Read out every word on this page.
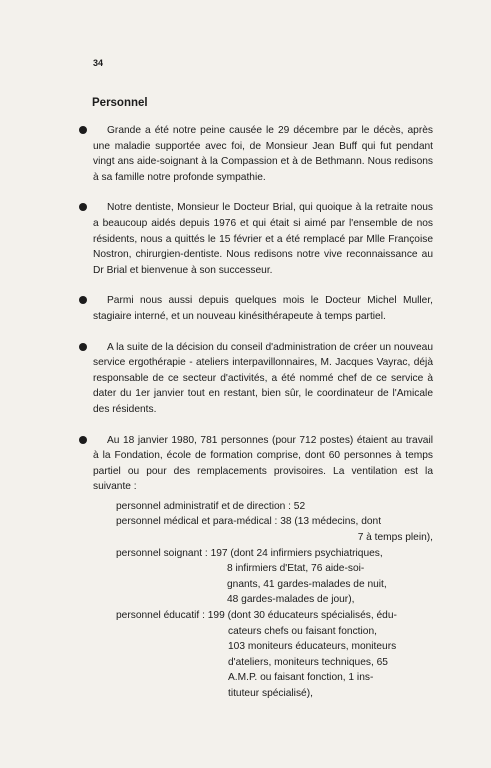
34
Personnel

Grande a été notre peine causée le 29 décembre par le décès, après une maladie supportée avec foi, de Monsieur Jean Buff qui fut pendant vingt ans aide-soignant à la Compassion et à de Bethmann. Nous redisons à sa famille notre profonde sympathie.

Notre dentiste, Monsieur le Docteur Brial, qui quoique à la retraite nous a beaucoup aidés depuis 1976 et qui était si aimé par l'ensemble de nos résidents, nous a quittés le 15 février et a été remplacé par Mlle Françoise Nostron, chirurgien-dentiste. Nous redisons notre vive reconnaissance au Dr Brial et bienvenue à son successeur.

Parmi nous aussi depuis quelques mois le Docteur Michel Muller, stagiaire interné, et un nouveau kinésithérapeute à temps partiel.

A la suite de la décision du conseil d'administration de créer un nouveau service ergothérapie - ateliers interpavillonnaires, M. Jacques Vayrac, déjà responsable de ce secteur d'activités, a été nommé chef de ce service à dater du 1er janvier tout en restant, bien sûr, le coordinateur de l'Amicale des résidents.

Au 18 janvier 1980, 781 personnes (pour 712 postes) étaient au travail à la Fondation, école de formation comprise, dont 60 personnes à temps partiel ou pour des remplacements provisoires. La ventilation est la suivante :

personnel administratif et de direction : 52
personnel médical et para-médical : 38 (13 médecins, dont
7 à temps plein),
personnel soignant : 197 (dont 24 infirmiers psychiatriques,
8 infirmiers d'Etat, 76 aide-soi-
gnants, 41 gardes-malades de nuit,
48 gardes-malades de jour),
personnel éducatif : 199 (dont 30 éducateurs spécialisés, édu-
cateurs chefs ou faisant fonction,
103 moniteurs éducateurs, moniteurs
d'ateliers, moniteurs techniques, 65
A.M.P. ou faisant fonction, 1 ins-
tituteur spécialisé),
